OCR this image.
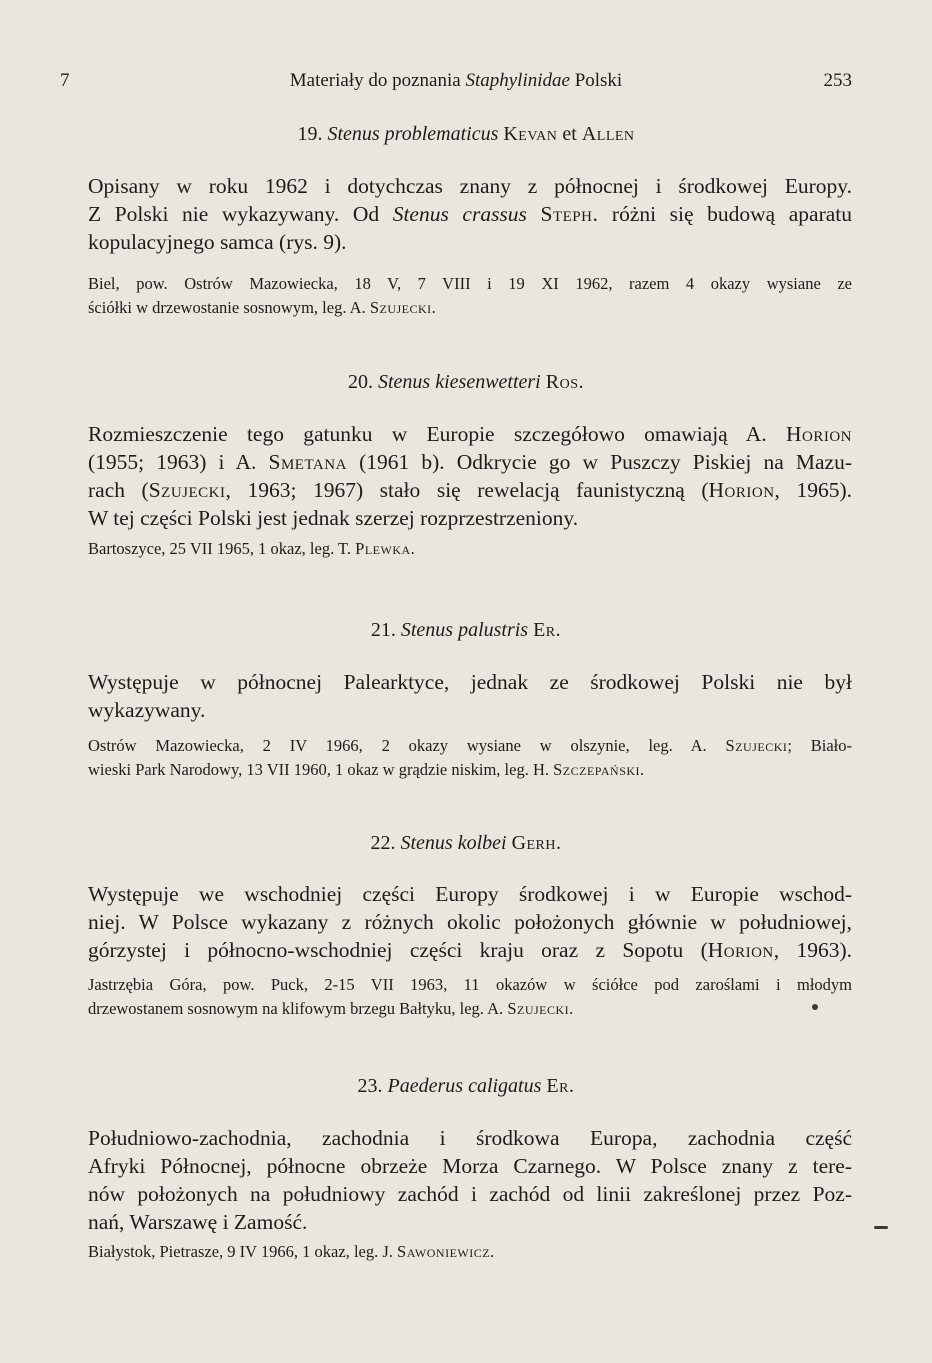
7	Materiały do poznania Staphylinidae Polski	253
19. Stenus problematicus Kevan et Allen
Opisany w roku 1962 i dotychczas znany z północnej i środkowej Europy.
Z Polski nie wykazywany. Od Stenus crassus Steph. różni się budową aparatu
kopulacyjnego samca (rys. 9).
Biel, pow. Ostrów Mazowiecka, 18 V, 7 VIII i 19 XI 1962, razem 4 okazy wysiane ze
ściółki w drzewostanie sosnowym, leg. A. Szujecki.
20. Stenus kiesenwetteri Ros.
Rozmieszczenie tego gatunku w Europie szczegółowo omawiają A. Horion
(1955; 1963) i A. Smetana (1961 b). Odkrycie go w Puszczy Piskiej na Mazu-
rach (Szujecki, 1963; 1967) stało się rewelacją faunistyczną (Horion, 1965).
W tej części Polski jest jednak szerzej rozprzestrzeniony.
Bartoszyce, 25 VII 1965, 1 okaz, leg. T. Plewka.
21. Stenus palustris Er.
Występuje w północnej Palearktyce, jednak ze środkowej Polski nie był
wykazywany.
Ostrów Mazowiecka, 2 IV 1966, 2 okazy wysiane w olszynie, leg. A. Szujecki; Biało-
wieski Park Narodowy, 13 VII 1960, 1 okaz w grądzie niskim, leg. H. Szczepański.
22. Stenus kolbei Gerh.
Występuje we wschodniej części Europy środkowej i w Europie wschod-
niej. W Polsce wykazany z różnych okolic położonych głównie w południowej,
górzystej i północno-wschodniej części kraju oraz z Sopotu (Horion, 1963).
Jastrzębia Góra, pow. Puck, 2-15 VII 1963, 11 okazów w ściółce pod zaroślami i młodym
drzewostanem sosnowym na klifowym brzegu Bałtyku, leg. A. Szujecki.
23. Paederus caligatus Er.
Południowo-zachodnia, zachodnia i środkowa Europa, zachodnia część
Afryki Północnej, północne obrzeże Morza Czarnego. W Polsce znany z tere-
nów położonych na południowy zachód i zachód od linii zakreślonej przez Poz-
nań, Warszawę i Zamość.
Białystok, Pietrasze, 9 IV 1966, 1 okaz, leg. J. Sawoniewicz.
